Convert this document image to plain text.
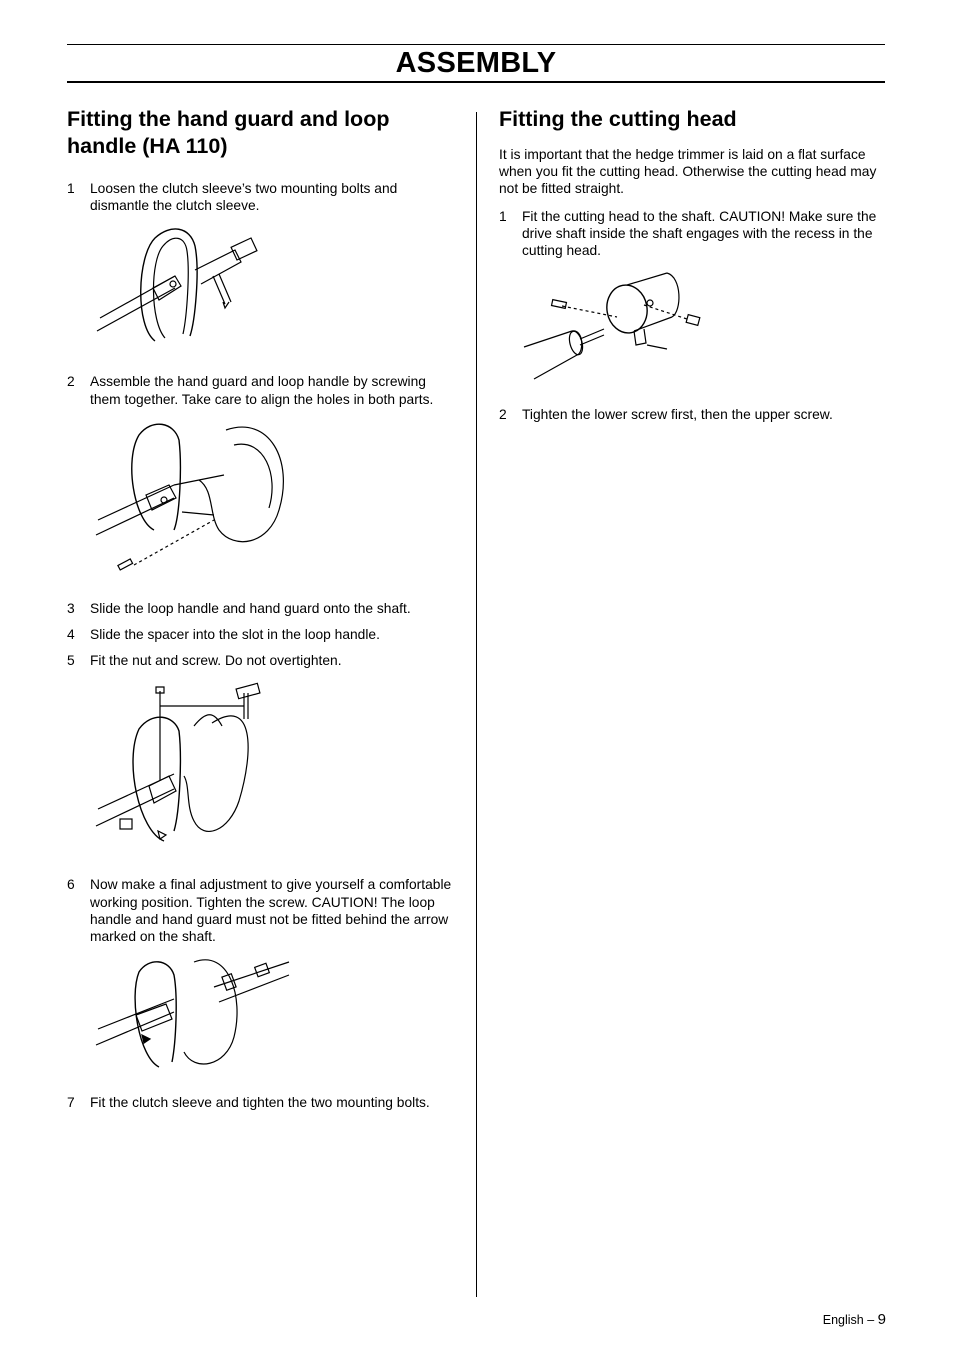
ASSEMBLY
Fitting the hand guard and loop handle (HA 110)
1 Loosen the clutch sleeve’s two mounting bolts and dismantle the clutch sleeve.
2 Assemble the hand guard and loop handle by screwing them together. Take care to align the holes in both parts.
3 Slide the loop handle and hand guard onto the shaft.
4 Slide the spacer into the slot in the loop handle.
5 Fit the nut and screw. Do not overtighten.
6 Now make a final adjustment to give yourself a comfortable working position. Tighten the screw. CAUTION! The loop handle and hand guard must not be fitted behind the arrow marked on the shaft.
7 Fit the clutch sleeve and tighten the two mounting bolts.
Fitting the cutting head

It is important that the hedge trimmer is laid on a flat surface when you fit the cutting head. Otherwise the cutting head may not be fitted straight.

1 Fit the cutting head to the shaft. CAUTION! Make sure the drive shaft inside the shaft engages with the recess in the cutting head.
2 Tighten the lower screw first, then the upper screw.
English – 9
